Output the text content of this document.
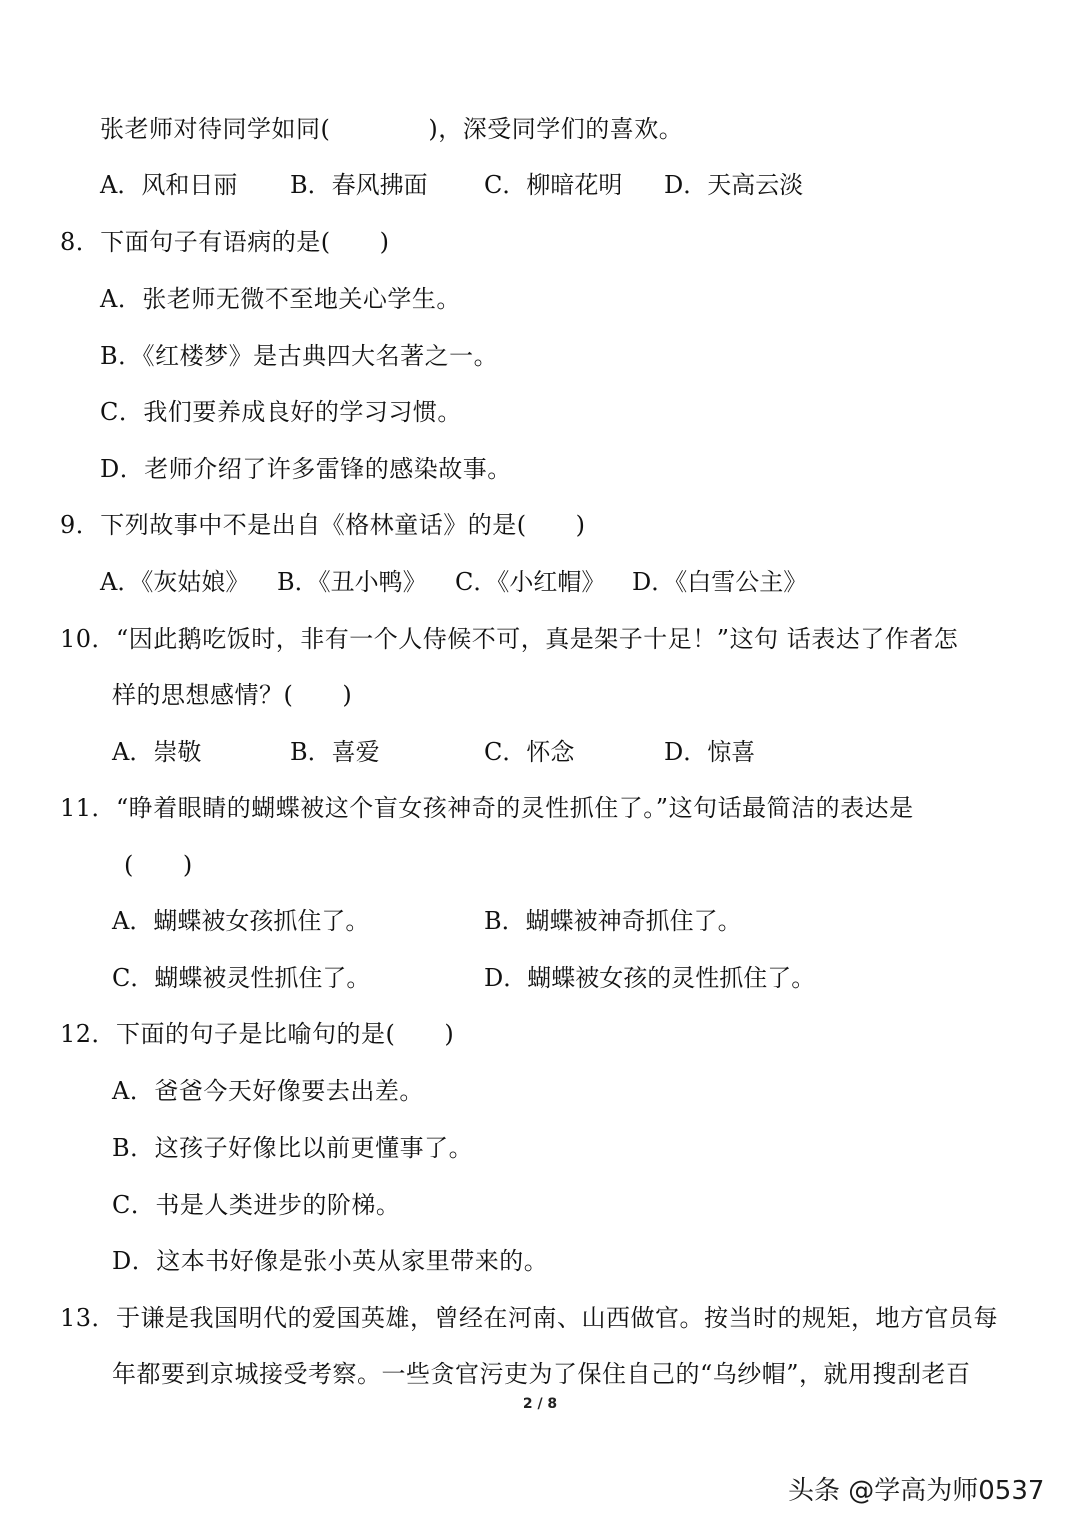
张老师对待同学如同(　　　　)，深受同学们的喜欢。
A．风和日丽 B．春风拂面 C．柳暗花明 D．天高云淡
8．下面句子有语病的是(　　)
A．张老师无微不至地关心学生。
B．《红楼梦》是古典四大名著之一。
C．我们要养成良好的学习习惯。
D．老师介绍了许多雷锋的感染故事。
9．下列故事中不是出自《格林童话》的是(　　)
A．《灰姑娘》 B．《丑小鸭》 C．《小红帽》 D．《白雪公主》
10．“因此鹅吃饭时，非有一个人侍候不可，真是架子十足！”这句 话表达了作者怎
样的思想感情？(　　)
A．崇敬	B．喜爱	C．怀念	D．惊喜
11．“睁着眼睛的蝴蝶被这个盲女孩神奇的灵性抓住了。”这句话最简洁的表达是
(　　)
A．蝴蝶被女孩抓住了。	B．蝴蝶被神奇抓住了。
C．蝴蝶被灵性抓住了。	D．蝴蝶被女孩的灵性抓住了。
12．下面的句子是比喻句的是(　　)
A．爸爸今天好像要去出差。
B．这孩子好像比以前更懂事了。
C．书是人类进步的阶梯。
D．这本书好像是张小英从家里带来的。
13．于谦是我国明代的爱国英雄，曾经在河南、山西做官。按当时的规矩，地方官员每
年都要到京城接受考察。一些贪官污吏为了保住自己的“乌纱帽”，就用搜刮老百
2 / 8
头条 @学高为师0537
